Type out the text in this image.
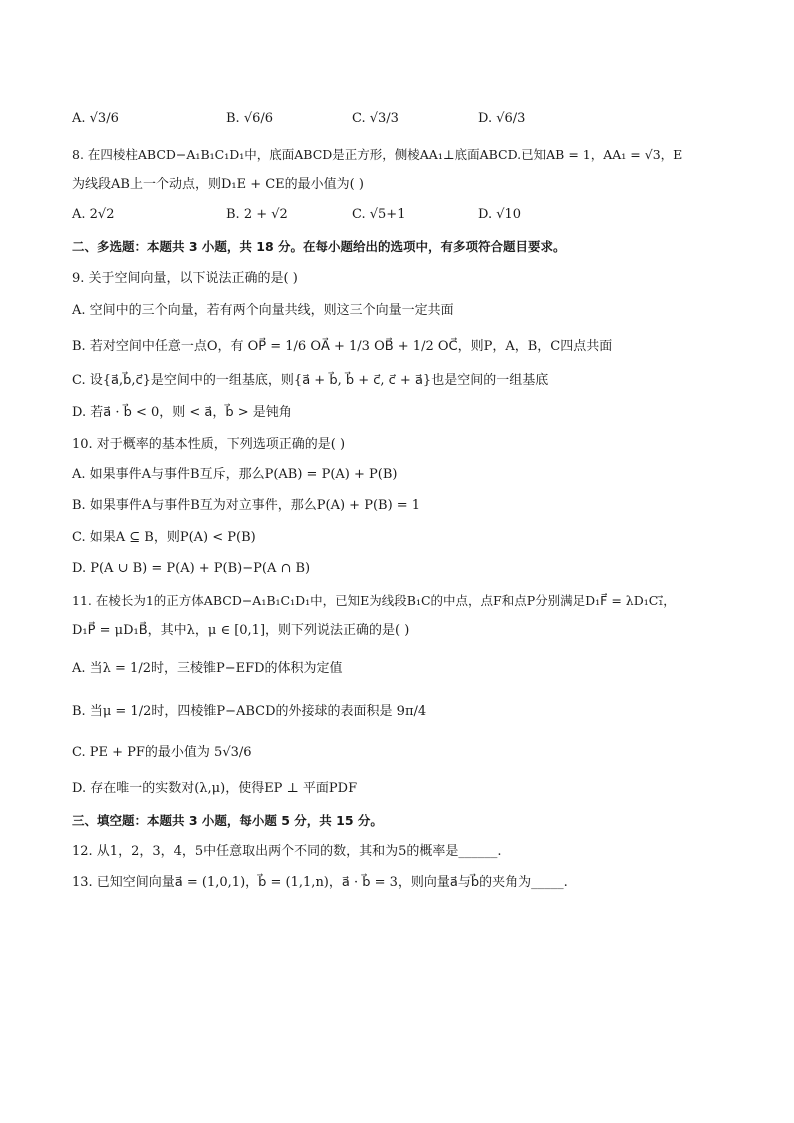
A. √3/6	B. √6/6	C. √3/3	D. √6/3
8. 在四棱柱ABCD−A₁B₁C₁D₁中，底面ABCD是正方形，侧棱AA₁⊥底面ABCD.已知AB = 1，AA₁ = √3，E
为线段AB上一个动点，则D₁E + CE的最小值为( )
A. 2√2	B. 2 + √2	C. √5+1	D. √10
二、多选题：本题共 3 小题，共 18 分。在每小题给出的选项中，有多项符合题目要求。
9. 关于空间向量，以下说法正确的是( )
A. 空间中的三个向量，若有两个向量共线，则这三个向量一定共面
B. 若对空间中任意一点O，有 OP⃗ = 1/6 OA⃗ + 1/3 OB⃗ + 1/2 OC⃗，则P，A，B，C四点共面
C. 设{a⃗,b⃗,c⃗}是空间中的一组基底，则{a⃗ + b⃗, b⃗ + c⃗, c⃗ + a⃗}也是空间的一组基底
D. 若a⃗ · b⃗ < 0，则 < a⃗，b⃗ > 是钝角
10. 对于概率的基本性质，下列选项正确的是( )
A. 如果事件A与事件B互斥，那么P(AB) = P(A) + P(B)
B. 如果事件A与事件B互为对立事件，那么P(A) + P(B) = 1
C. 如果A ⊆ B，则P(A) < P(B)
D. P(A ∪ B) = P(A) + P(B)−P(A ∩ B)
11. 在棱长为1的正方体ABCD−A₁B₁C₁D₁中，已知E为线段B₁C的中点，点F和点P分别满足D₁F⃗ = λD₁C₁⃗，
D₁P⃗ = μD₁B⃗，其中λ，μ ∈ [0,1]，则下列说法正确的是( )
A. 当λ = 1/2时，三棱锥P−EFD的体积为定值
B. 当μ = 1/2时，四棱锥P−ABCD的外接球的表面积是 9π/4
C. PE + PF的最小值为 5√3/6
D. 存在唯一的实数对(λ,μ)，使得EP ⊥ 平面PDF
三、填空题：本题共 3 小题，每小题 5 分，共 15 分。
12. 从1，2，3，4，5中任意取出两个不同的数，其和为5的概率是______.
13. 已知空间向量a⃗ = (1,0,1)，b⃗ = (1,1,n)，a⃗ · b⃗ = 3，则向量a⃗与b⃗的夹角为_____.
